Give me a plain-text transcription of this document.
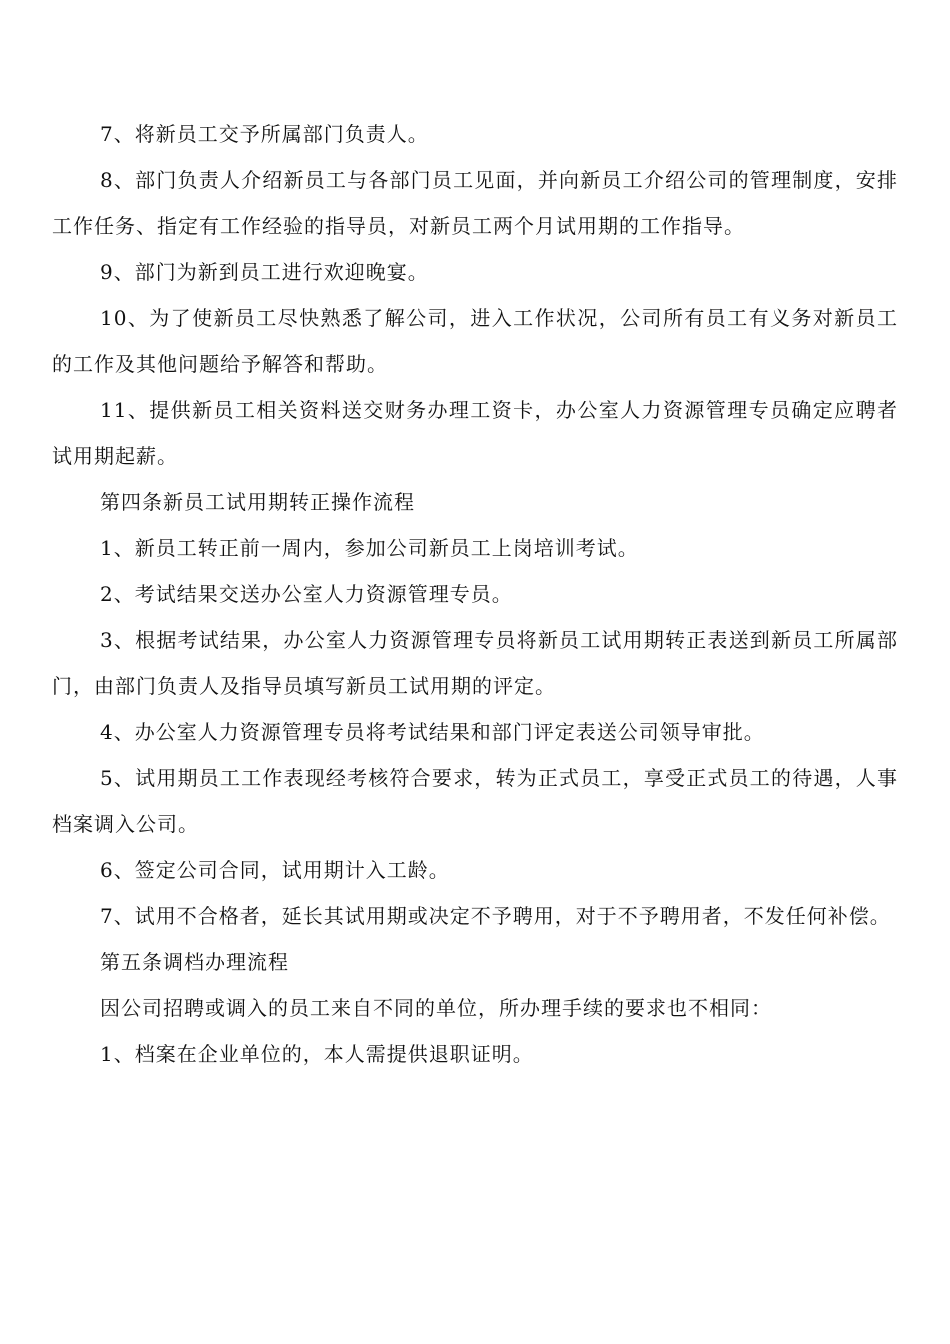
7、将新员工交予所属部门负责人。

8、部门负责人介绍新员工与各部门员工见面，并向新员工介绍公司的管理制度，安排工作任务、指定有工作经验的指导员，对新员工两个月试用期的工作指导。

9、部门为新到员工进行欢迎晚宴。

10、为了使新员工尽快熟悉了解公司，进入工作状况，公司所有员工有义务对新员工的工作及其他问题给予解答和帮助。

11、提供新员工相关资料送交财务办理工资卡，办公室人力资源管理专员确定应聘者试用期起薪。

第四条新员工试用期转正操作流程

1、新员工转正前一周内，参加公司新员工上岗培训考试。

2、考试结果交送办公室人力资源管理专员。

3、根据考试结果，办公室人力资源管理专员将新员工试用期转正表送到新员工所属部门，由部门负责人及指导员填写新员工试用期的评定。

4、办公室人力资源管理专员将考试结果和部门评定表送公司领导审批。

5、试用期员工工作表现经考核符合要求，转为正式员工，享受正式员工的待遇，人事档案调入公司。

6、签定公司合同，试用期计入工龄。

7、试用不合格者，延长其试用期或决定不予聘用，对于不予聘用者，不发任何补偿。

第五条调档办理流程

因公司招聘或调入的员工来自不同的单位，所办理手续的要求也不相同：

1、档案在企业单位的，本人需提供退职证明。
